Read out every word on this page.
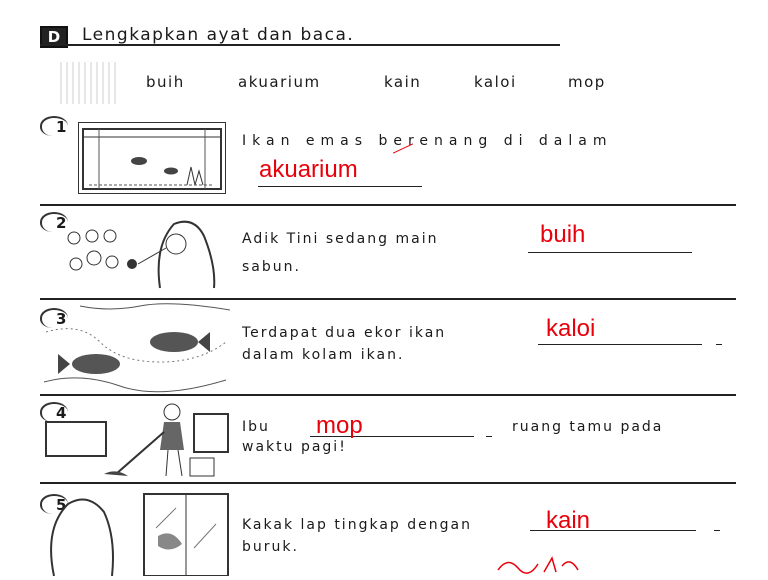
D	Lengkapkan ayat dan baca.
buih	akuarium	kain	kaloi	mop
1
Ikan emas berenang di dalam
akuarium
2
Adik Tini sedang main
sabun.
buih
3
Terdapat dua ekor ikan
dalam kolam ikan.
kaloi
4
Ibu	ruang tamu pada
waktu pagi!
mop
5
Kakak lap tingkap dengan
buruk.
kain
